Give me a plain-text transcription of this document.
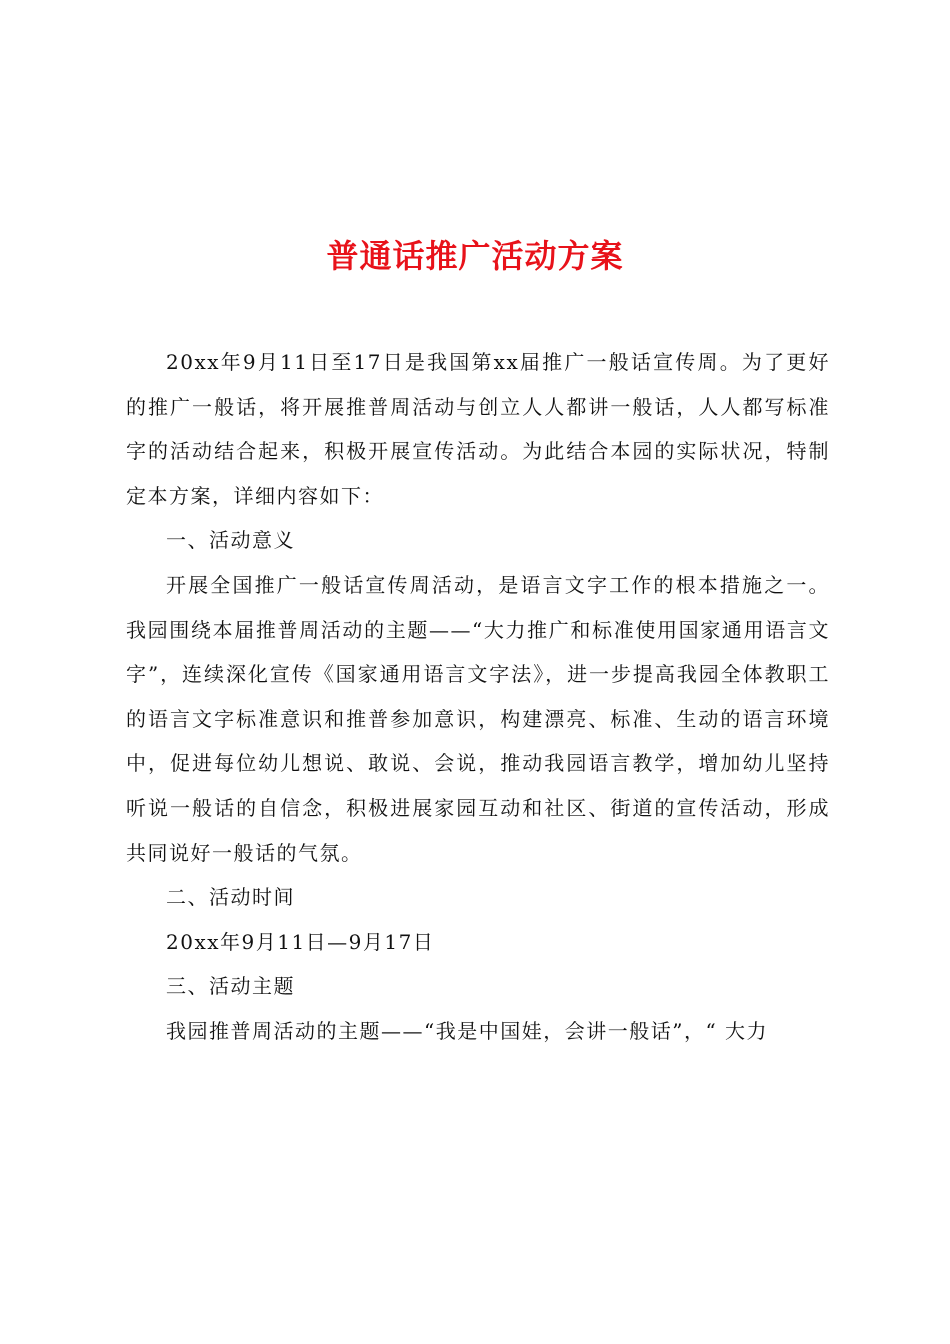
普通话推广活动方案

20xx年9月11日至17日是我国第xx届推广一般话宣传周。为了更好的推广一般话，将开展推普周活动与创立人人都讲一般话，人人都写标准字的活动结合起来，积极开展宣传活动。为此结合本园的实际状况，特制定本方案，详细内容如下：

一、活动意义

开展全国推广一般话宣传周活动，是语言文字工作的根本措施之一。我园围绕本届推普周活动的主题——“大力推广和标准使用国家通用语言文字”，连续深化宣传《国家通用语言文字法》，进一步提高我园全体教职工的语言文字标准意识和推普参加意识，构建漂亮、标准、生动的语言环境中，促进每位幼儿想说、敢说、会说，推动我园语言教学，增加幼儿坚持听说一般话的自信念，积极进展家园互动和社区、街道的宣传活动，形成共同说好一般话的气氛。

二、活动时间

20xx年9月11日—9月17日

三、活动主题

我园推普周活动的主题——“我是中国娃，会讲一般话”，“ 大力
